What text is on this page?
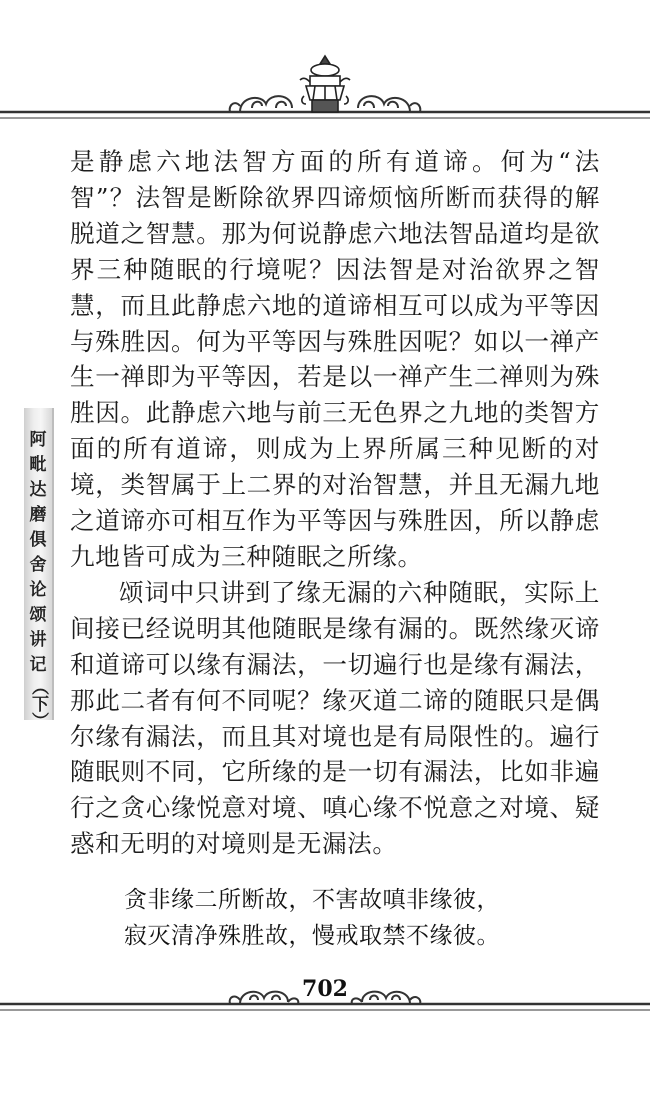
阿
毗
达
磨
俱
舍
论
颂
讲
记
（下）

是静虑六地法智方面的所有道谛。何为“法智”？法智是断除欲界四谛烦恼所断而获得的解脱道之智慧。那为何说静虑六地法智品道均是欲界三种随眠的行境呢？因法智是对治欲界之智慧，而且此静虑六地的道谛相互可以成为平等因与殊胜因。何为平等因与殊胜因呢？如以一禅产生一禅即为平等因，若是以一禅产生二禅则为殊胜因。此静虑六地与前三无色界之九地的类智方面的所有道谛，则成为上界所属三种见断的对境，类智属于上二界的对治智慧，并且无漏九地之道谛亦可相互作为平等因与殊胜因，所以静虑九地皆可成为三种随眠之所缘。

颂词中只讲到了缘无漏的六种随眠，实际上间接已经说明其他随眠是缘有漏的。既然缘灭谛和道谛可以缘有漏法，一切遍行也是缘有漏法，那此二者有何不同呢？缘灭道二谛的随眠只是偶尔缘有漏法，而且其对境也是有局限性的。遍行随眠则不同，它所缘的是一切有漏法，比如非遍行之贪心缘悦意对境、嗔心缘不悦意之对境、疑惑和无明的对境则是无漏法。

贪非缘二所断故，不害故嗔非缘彼，
寂灭清净殊胜故，慢戒取禁不缘彼。
702
